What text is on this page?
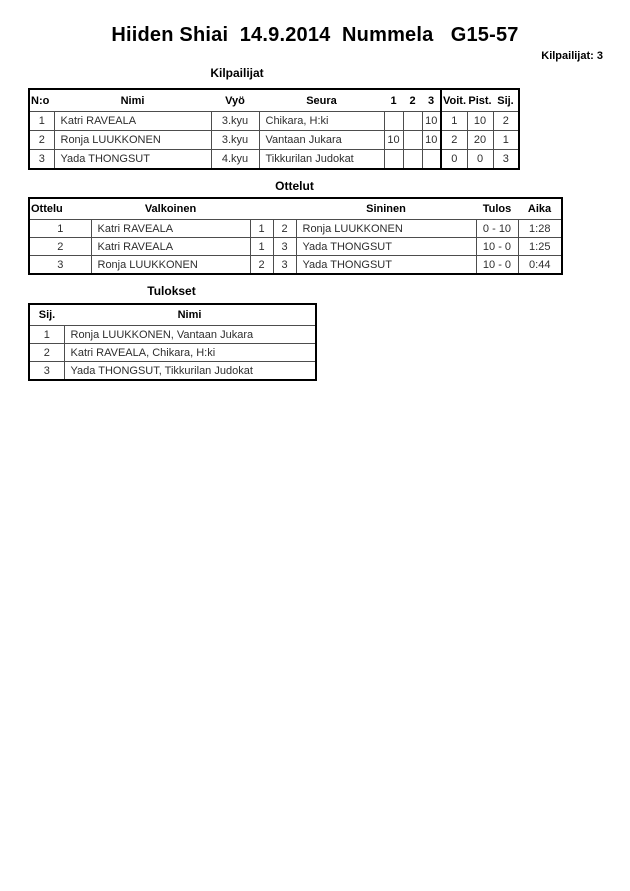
Hiiden Shiai  14.9.2014  Nummela   G15-57
Kilpailijat: 3
Kilpailijat
N:o	Nimi	Vyö	Seura	1	2	3	Voit.	Pist.	Sij.
1	Katri RAVEALA	3.kyu	Chikara, H:ki			10	1	10	2
2	Ronja LUUKKONEN	3.kyu	Vantaan Jukara	10		10	2	20	1
3	Yada THONGSUT	4.kyu	Tikkurilan Judokat				0	0	3
Ottelut
Ottelu	Valkoinen			Sininen	Tulos	Aika
1	Katri RAVEALA	1	2	Ronja LUUKKONEN	0 - 10	1:28
2	Katri RAVEALA	1	3	Yada THONGSUT	10 - 0	1:25
3	Ronja LUUKKONEN	2	3	Yada THONGSUT	10 - 0	0:44
Tulokset
Sij.	Nimi
1	Ronja LUUKKONEN, Vantaan Jukara
2	Katri RAVEALA, Chikara, H:ki
3	Yada THONGSUT, Tikkurilan Judokat
